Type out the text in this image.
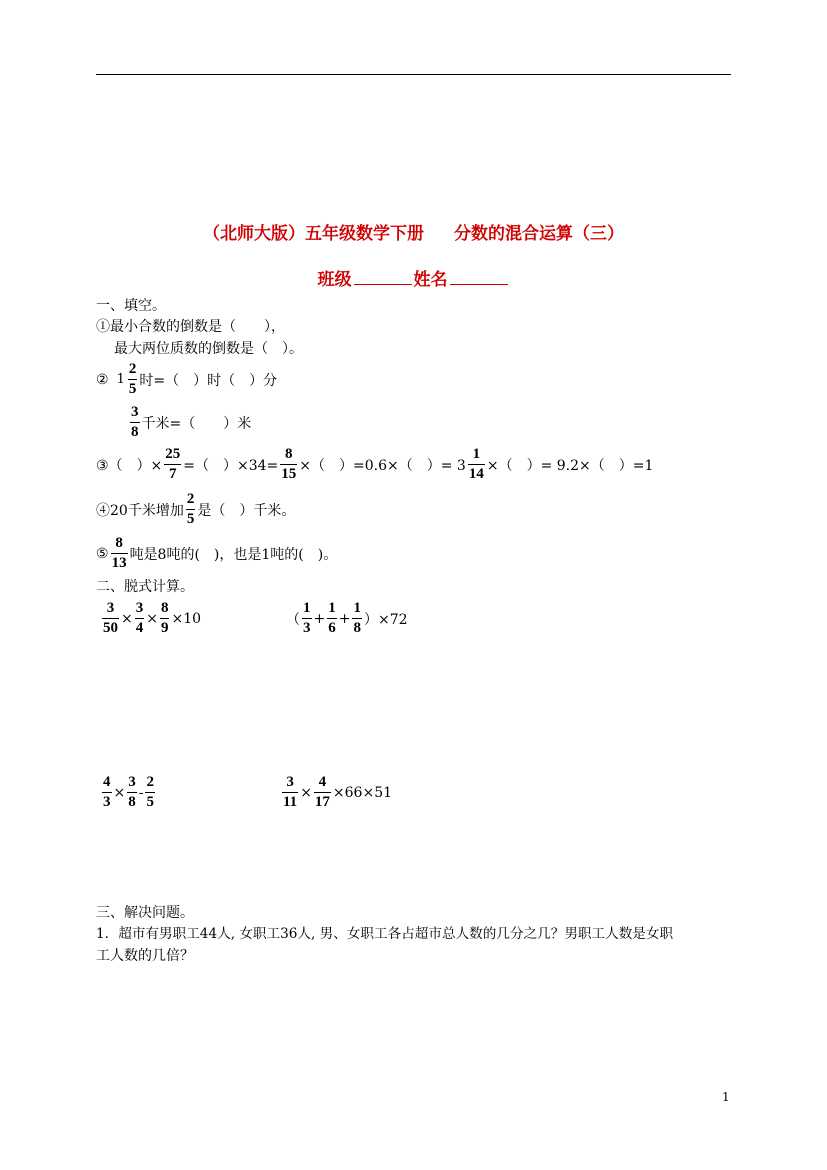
（北师大版）五年级数学下册 分数的混合运算（三）
班级	姓名
一、填空。
①最小合数的倒数是（　　），
最大两位质数的倒数是（　）。
② $1 \frac{2}{5}$ 时=（　）时（　）分
$\frac{3}{8}$ 千米=（　　）米
③（　）× $\frac{25}{7}$ =（　）$\times 34= \frac{8}{15}$ ×（　）=0.6×（　）= $3 \frac{1}{14}$ ×（　）= 9.2×（　）=1
④20千米增加 $\frac{2}{5}$ 是（　）千米。
⑤ $\frac{8}{13}$ 吨是8吨的(　)，也是1吨的(　)。
二、脱式计算。
$\frac{3}{50} \times \frac{3}{4} \times \frac{8}{9} \times 10$	（ $\frac{1}{3} + \frac{1}{6} + \frac{1}{8} )\times 72$
$\frac{4}{3} \times \frac{3}{8} - \frac{2}{5}$	$\frac{3}{11} \times \frac{4}{17} \times 66\times 51$
三、解决问题。
1．超市有男职工44人, 女职工36人, 男、女职工各占超市总人数的几分之几？男职工人数是女职
工人数的几倍？
1
